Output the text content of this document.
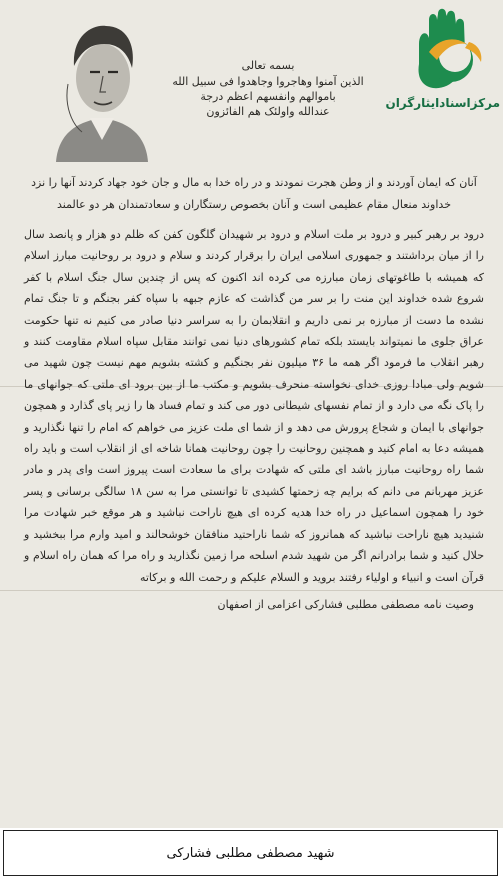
مرکزاسنادایثارگران
بسمه تعالی
الذین آمنوا وهاجروا وجاهدوا فی سبیل الله باموالهم وانفسهم اعظم درجة
عندالله واولئک هم الفائزون

آنان که ایمان آوردند و از وطن هجرت نمودند و در راه خدا به مال و جان خود جهاد کردند آنها را نزد خداوند منعال مقام عظیمی است و آنان بخصوص رستگاران و سعادتمندان هر دو عالمند

درود بر رهبر کبیر و درود بر ملت اسلام و درود بر شهیدان گلگون کفن که ظلم دو هزار و پانصد سال را از میان برداشتند و جمهوری اسلامی ایران را برقرار کردند و سلام و درود بر روحانیت مبارز اسلام که همیشه با طاغوتهای زمان مبارزه می کرده اند اکنون که پس از چندین سال جنگ اسلام با کفر شروع شده خداوند این منت را بر سر من گذاشت که عازم جبهه با سپاه کفر بجنگم و تا جنگ تمام نشده ما دست از مبارزه بر نمی داریم و انقلابمان را به سراسر دنیا صادر می کنیم نه تنها حکومت عراق جلوی ما نمیتواند بایستد بلکه تمام کشورهای دنیا نمی توانند مقابل سپاه اسلام مقاومت کنند و رهبر انقلاب ما فرمود اگر همه ما ۳۶ میلیون نفر بجنگیم و کشته بشویم مهم نیست چون شهید می شویم ولی مبادا روزی خدای نخواسته منحرف بشویم و مکتب ما از بین برود ای ملتی که جوانهای ما را پاک نگه می دارد و از تمام نفسهای شیطانی دور می کند و تمام فساد ها را زیر پای گذارد و همچون جوانهای با ایمان و شجاع پرورش می دهد و از شما ای ملت عزیز می خواهم که امام را تنها نگذارید و همیشه دعا به امام کنید و همچنین روحانیت را چون روحانیت همانا شاخه ای از انقلاب است و باید راه شما راه روحانیت مبارز باشد ای ملتی که شهادت برای ما سعادت است پیروز است وای پدر و مادر عزیز مهربانم می دانم که برایم چه زحمتها کشیدی تا توانستی مرا به سن ۱۸ سالگی برسانی و پسر خود را همچون اسماعیل در راه خدا هدیه کرده ای هیچ ناراحت نباشید و هر موقع خبر شهادت مرا شنیدید هیچ ناراحت نباشید که همانروز که شما ناراحتید منافقان خوشحالند و امید وارم مرا ببخشید و حلال کنید و شما برادرانم اگر من شهید شدم اسلحه مرا زمین نگذارید و راه مرا که همان راه اسلام و قرآن است و انبیاء و اولیاء رفتند بروید و السلام علیکم و رحمت الله و برکاته

وصیت نامه مصطفی مطلبی فشارکی اعزامی از اصفهان

شهید مصطفی مطلبی فشارکی
